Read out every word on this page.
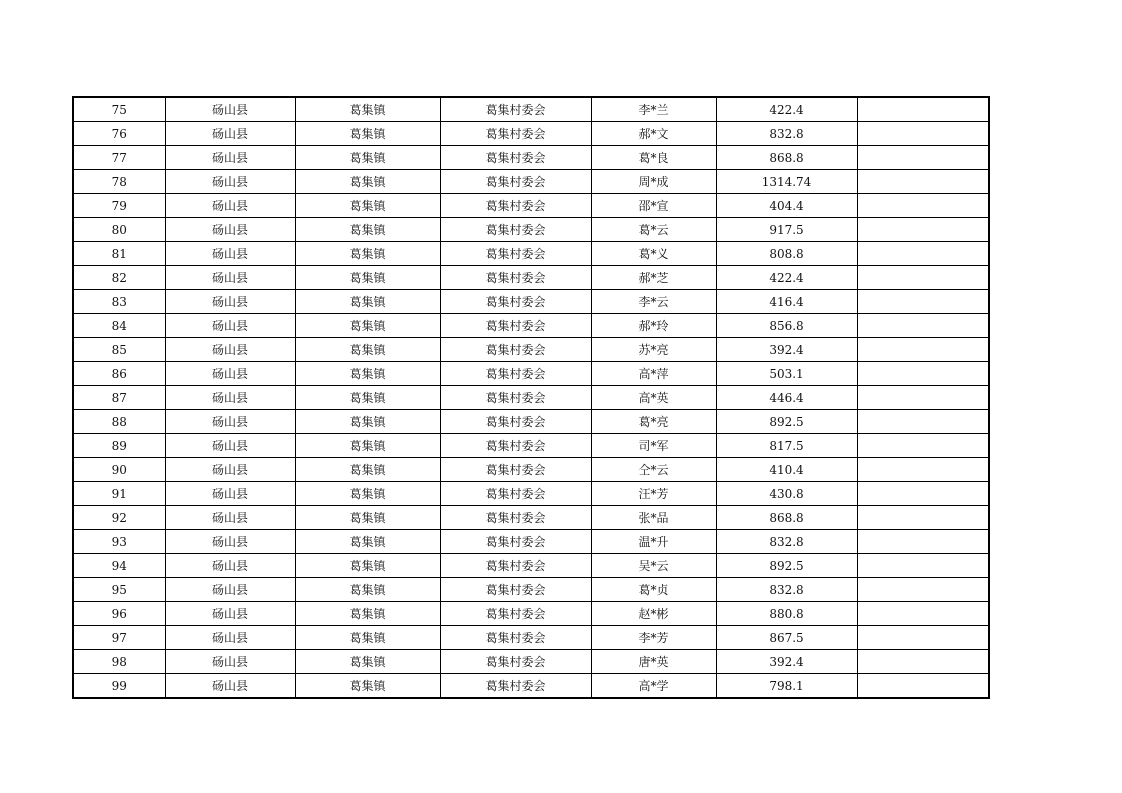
75	砀山县	葛集镇	葛集村委会	李*兰	422.4	
76	砀山县	葛集镇	葛集村委会	郝*文	832.8	
77	砀山县	葛集镇	葛集村委会	葛*良	868.8	
78	砀山县	葛集镇	葛集村委会	周*成	1314.74	
79	砀山县	葛集镇	葛集村委会	邵*宣	404.4	
80	砀山县	葛集镇	葛集村委会	葛*云	917.5	
81	砀山县	葛集镇	葛集村委会	葛*义	808.8	
82	砀山县	葛集镇	葛集村委会	郝*芝	422.4	
83	砀山县	葛集镇	葛集村委会	李*云	416.4	
84	砀山县	葛集镇	葛集村委会	郝*玲	856.8	
85	砀山县	葛集镇	葛集村委会	苏*亮	392.4	
86	砀山县	葛集镇	葛集村委会	高*萍	503.1	
87	砀山县	葛集镇	葛集村委会	高*英	446.4	
88	砀山县	葛集镇	葛集村委会	葛*亮	892.5	
89	砀山县	葛集镇	葛集村委会	司*军	817.5	
90	砀山县	葛集镇	葛集村委会	仝*云	410.4	
91	砀山县	葛集镇	葛集村委会	汪*芳	430.8	
92	砀山县	葛集镇	葛集村委会	张*品	868.8	
93	砀山县	葛集镇	葛集村委会	温*升	832.8	
94	砀山县	葛集镇	葛集村委会	吴*云	892.5	
95	砀山县	葛集镇	葛集村委会	葛*贞	832.8	
96	砀山县	葛集镇	葛集村委会	赵*彬	880.8	
97	砀山县	葛集镇	葛集村委会	李*芳	867.5	
98	砀山县	葛集镇	葛集村委会	唐*英	392.4	
99	砀山县	葛集镇	葛集村委会	高*学	798.1	
